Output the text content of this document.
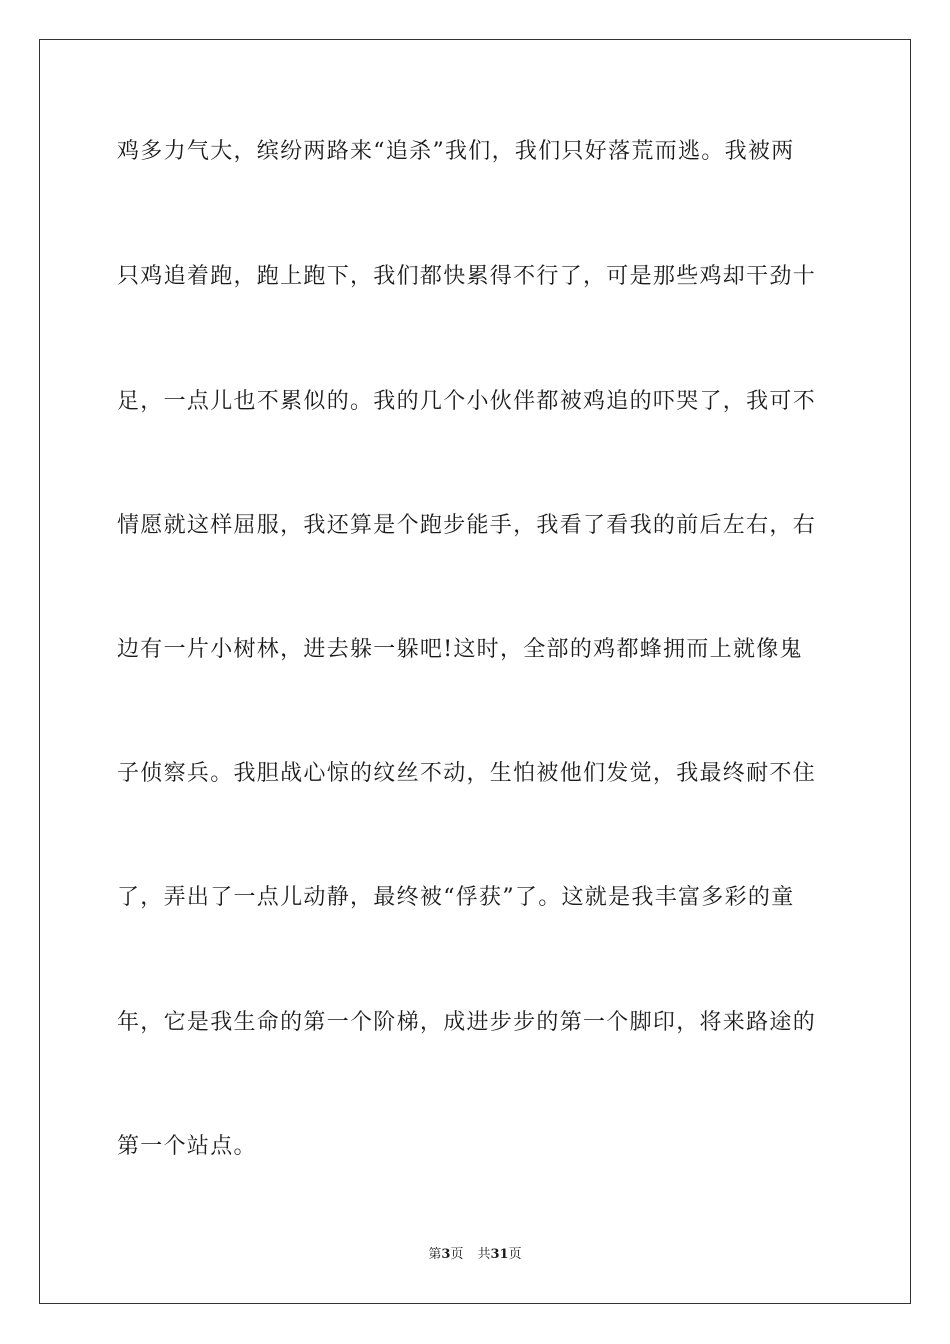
鸡多力气大，缤纷两路来“追杀”我们，我们只好落荒而逃。我被两
只鸡追着跑，跑上跑下，我们都快累得不行了，可是那些鸡却干劲十
足，一点儿也不累似的。我的几个小伙伴都被鸡追的吓哭了，我可不
情愿就这样屈服，我还算是个跑步能手，我看了看我的前后左右，右
边有一片小树林，进去躲一躲吧!这时，全部的鸡都蜂拥而上就像鬼
子侦察兵。我胆战心惊的纹丝不动，生怕被他们发觉，我最终耐不住
了，弄出了一点儿动静，最终被“俘获”了。这就是我丰富多彩的童
年，它是我生命的第一个阶梯，成进步步的第一个脚印，将来路途的
第一个站点。
第3页 共31页
